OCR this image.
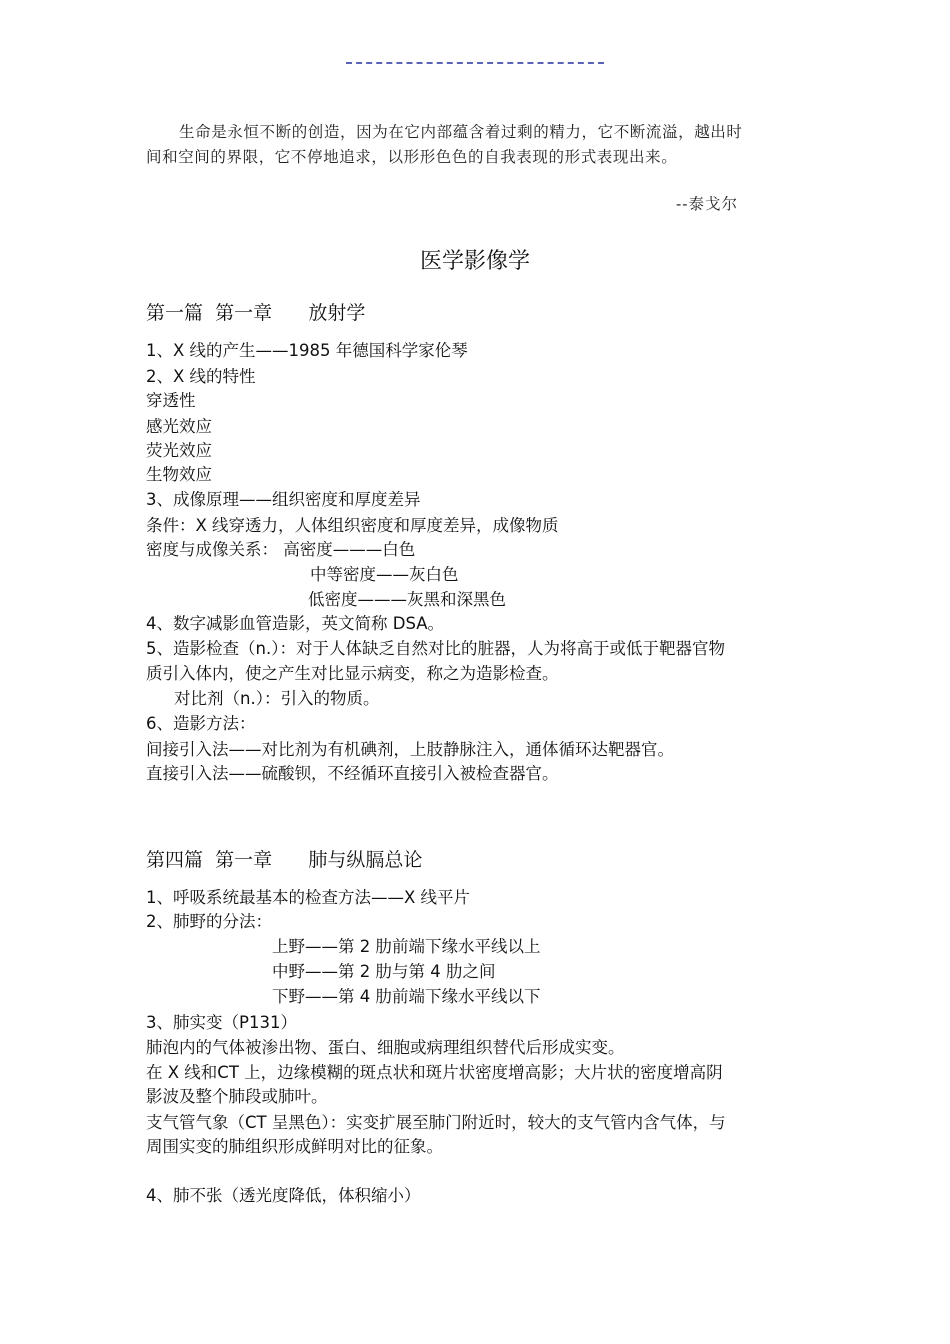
生命是永恒不断的创造，因为在它内部蕴含着过剩的精力，它不断流溢，越出时

间和空间的界限，它不停地追求，以形形色色的自我表现的形式表现出来。

--泰戈尔
医学影像学
第一篇  第一章      放射学
1、X 线的产生——1985 年德国科学家伦琴
2、X 线的特性
穿透性
感光效应
荧光效应
生物效应
3、成像原理——组织密度和厚度差异
条件：X 线穿透力，人体组织密度和厚度差异，成像物质
密度与成像关系： 高密度———白色
中等密度——灰白色
低密度———灰黑和深黑色
4、数字减影血管造影，英文简称 DSA。
5、造影检查（n.）：对于人体缺乏自然对比的脏器，人为将高于或低于靶器官物
质引入体内，使之产生对比显示病变，称之为造影检查。
对比剂（n.）：引入的物质。
6、造影方法：
间接引入法——对比剂为有机碘剂，上肢静脉注入，通体循环达靶器官。
直接引入法——硫酸钡，不经循环直接引入被检查器官。
第四篇  第一章      肺与纵膈总论
1、呼吸系统最基本的检查方法——X 线平片
2、肺野的分法：
上野——第 2 肋前端下缘水平线以上
中野——第 2 肋与第 4 肋之间
下野——第 4 肋前端下缘水平线以下
3、肺实变（P131）
肺泡内的气体被渗出物、蛋白、细胞或病理组织替代后形成实变。
在 X 线和CT 上，边缘模糊的斑点状和斑片状密度增高影；大片状的密度增高阴
影波及整个肺段或肺叶。
支气管气象（CT 呈黑色）：实变扩展至肺门附近时，较大的支气管内含气体，与
周围实变的肺组织形成鲜明对比的征象。
4、肺不张（透光度降低，体积缩小）
